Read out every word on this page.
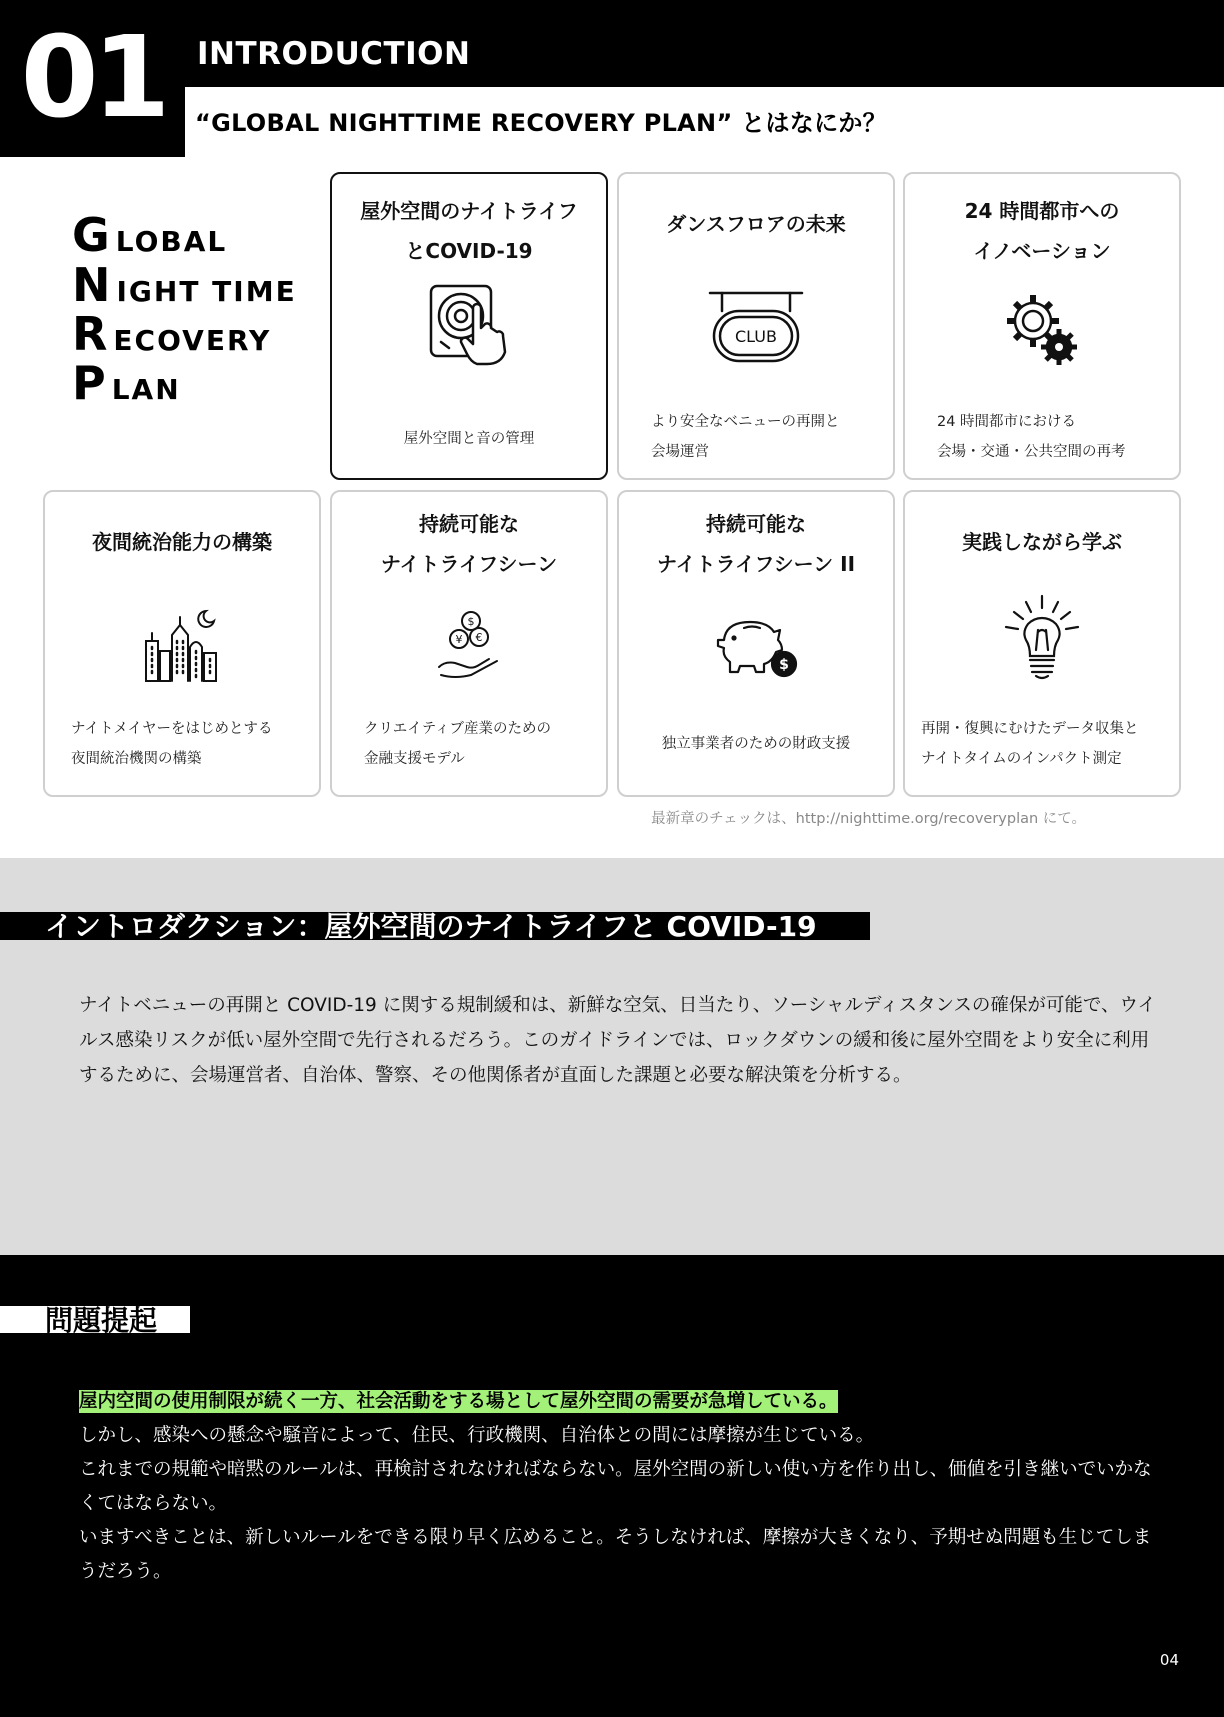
01	INTRODUCTION
“GLOBAL NIGHTTIME RECOVERY PLAN” とはなにか？
GLOBAL
NIGHT TIME
RECOVERY
PLAN
屋外空間のナイトライフ
とCOVID-19
屋外空間と音の管理
ダンスフロアの未来
CLUB
より安全なベニューの再開と
会場運営
24 時間都市への
イノベーション
24 時間都市における
会場・交通・公共空間の再考
夜間統治能力の構築
ナイトメイヤーをはじめとする
夜間統治機関の構築
持続可能な
ナイトライフシーン
$
¥ €
クリエイティブ産業のための
金融支援モデル
持続可能な
ナイトライフシーン II
$
独立事業者のための財政支援
実践しながら学ぶ
再開・復興にむけたデータ収集と
ナイトタイムのインパクト測定
最新章のチェックは、http://nighttime.org/recoveryplan にて。
イントロダクション：屋外空間のナイトライフと COVID-19
ナイトベニューの再開と COVID-19 に関する規制緩和は、新鮮な空気、日当たり、ソーシャルディスタンスの確保が可能で、ウイルス感染リスクが低い屋外空間で先行されるだろう。このガイドラインでは、ロックダウンの緩和後に屋外空間をより安全に利用するために、会場運営者、自治体、警察、その他関係者が直面した課題と必要な解決策を分析する。
問題提起
屋内空間の使用制限が続く一方、社会活動をする場として屋外空間の需要が急増している。
しかし、感染への懸念や騒音によって、住民、行政機関、自治体との間には摩擦が生じている。
これまでの規範や暗黙のルールは、再検討されなければならない。屋外空間の新しい使い方を作り出し、価値を引き継いでいかなくてはならない。
いますべきことは、新しいルールをできる限り早く広めること。そうしなければ、摩擦が大きくなり、予期せぬ問題も生じてしまうだろう。
04
